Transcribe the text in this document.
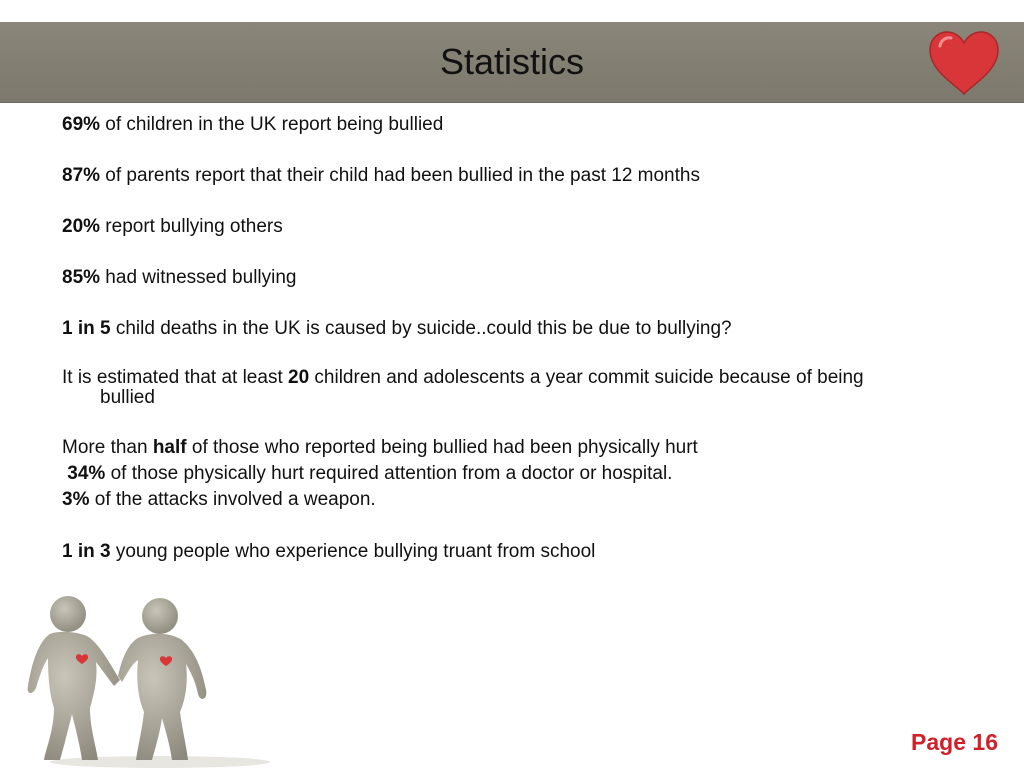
Statistics

69% of children in the UK report being bullied

87% of parents report that their child had been bullied in the past 12 months

20% report bullying others

85% had witnessed bullying

1 in 5 child deaths in the UK is caused by suicide..could this be due to bullying?

It is estimated that at least 20 children and adolescents a year commit suicide because of being

bullied

More than half of those who reported being bullied had been physically hurt

34% of those physically hurt required attention from a doctor or hospital.

3% of the attacks involved a weapon.

1 in 3 young people who experience bullying truant from school

Page 16
